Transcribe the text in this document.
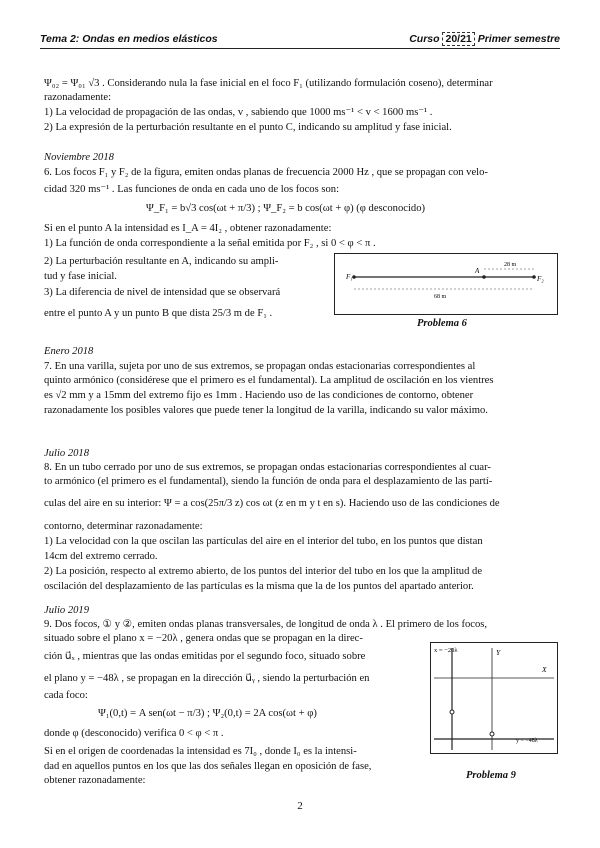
Tema 2: Ondas en medios elásticos	Curso 20/21 Primer semestre
Ψ₀₂ = Ψ₀₁ √3 . Considerando nula la fase inicial en el foco F₁ (utilizando formulación coseno), determinar
razonadamente:
1) La velocidad de propagación de las ondas, v , sabiendo que 1000 ms⁻¹ < v < 1600 ms⁻¹ .
2) La expresión de la perturbación resultante en el punto C, indicando su amplitud y fase inicial.
Noviembre 2018
6. Los focos F₁ y F₂ de la figura, emiten ondas planas de frecuencia 2000 Hz , que se propagan con velo-
cidad 320 ms⁻¹ . Las funciones de onda en cada uno de los focos son:
Ψ_F₁ = b√3 cos(ωt + π/3) ; Ψ_F₂ = b cos(ωt + φ) (φ desconocido)
Si en el punto A la intensidad es I_A = 4I₂ , obtener razonadamente:
1) La función de onda correspondiente a la señal emitida por F₂ , si 0 < φ < π .
2) La perturbación resultante en A, indicando su ampli-
tud y fase inicial.
3) La diferencia de nivel de intensidad que se observará
entre el punto A y un punto B que dista 25/3 m de F₁ .
F₁
A
F₂
28 m
68 m
Problema 6
Enero 2018
7. En una varilla, sujeta por uno de sus extremos, se propagan ondas estacionarias correspondientes al
quinto armónico (considérese que el primero es el fundamental). La amplitud de oscilación en los vientres
es √2 mm y a 15mm del extremo fijo es 1mm . Haciendo uso de las condiciones de contorno, obtener
razonadamente los posibles valores que puede tener la longitud de la varilla, indicando su valor máximo.
Julio 2018
8. En un tubo cerrado por uno de sus extremos, se propagan ondas estacionarias correspondientes al cuar-
to armónico (el primero es el fundamental), siendo la función de onda para el desplazamiento de las partí-
culas del aire en su interior: Ψ = a cos(25π/3 z) cos ωt (z en m y t en s). Haciendo uso de las condiciones de
contorno, determinar razonadamente:
1) La velocidad con la que oscilan las partículas del aire en el interior del tubo, en los puntos que distan
14cm del extremo cerrado.
2) La posición, respecto al extremo abierto, de los puntos del interior del tubo en los que la amplitud de
oscilación del desplazamiento de las partículas es la misma que la de los puntos del apartado anterior.
Julio 2019
9. Dos focos, ① y ②, emiten ondas planas transversales, de longitud de onda λ . El primero de los focos,
situado sobre el plano x = −20λ , genera ondas que se propagan en la direc-
ción u⃗ₓ , mientras que las ondas emitidas por el segundo foco, situado sobre
el plano y = −48λ , se propagan en la dirección u⃗ᵧ , siendo la perturbación en
cada foco:
Ψ₁(0,t) = A sen(ωt − π/3) ; Ψ₂(0,t) = 2A cos(ωt + φ)
donde φ (desconocido) verifica 0 < φ < π .
Si en el origen de coordenadas la intensidad es 7I₀ , donde I₀ es la intensi-
dad en aquellos puntos en los que las dos señales llegan en oposición de fase,
obtener razonadamente:
x = −20λ	Y
X
y = −48λ
Problema 9
2
